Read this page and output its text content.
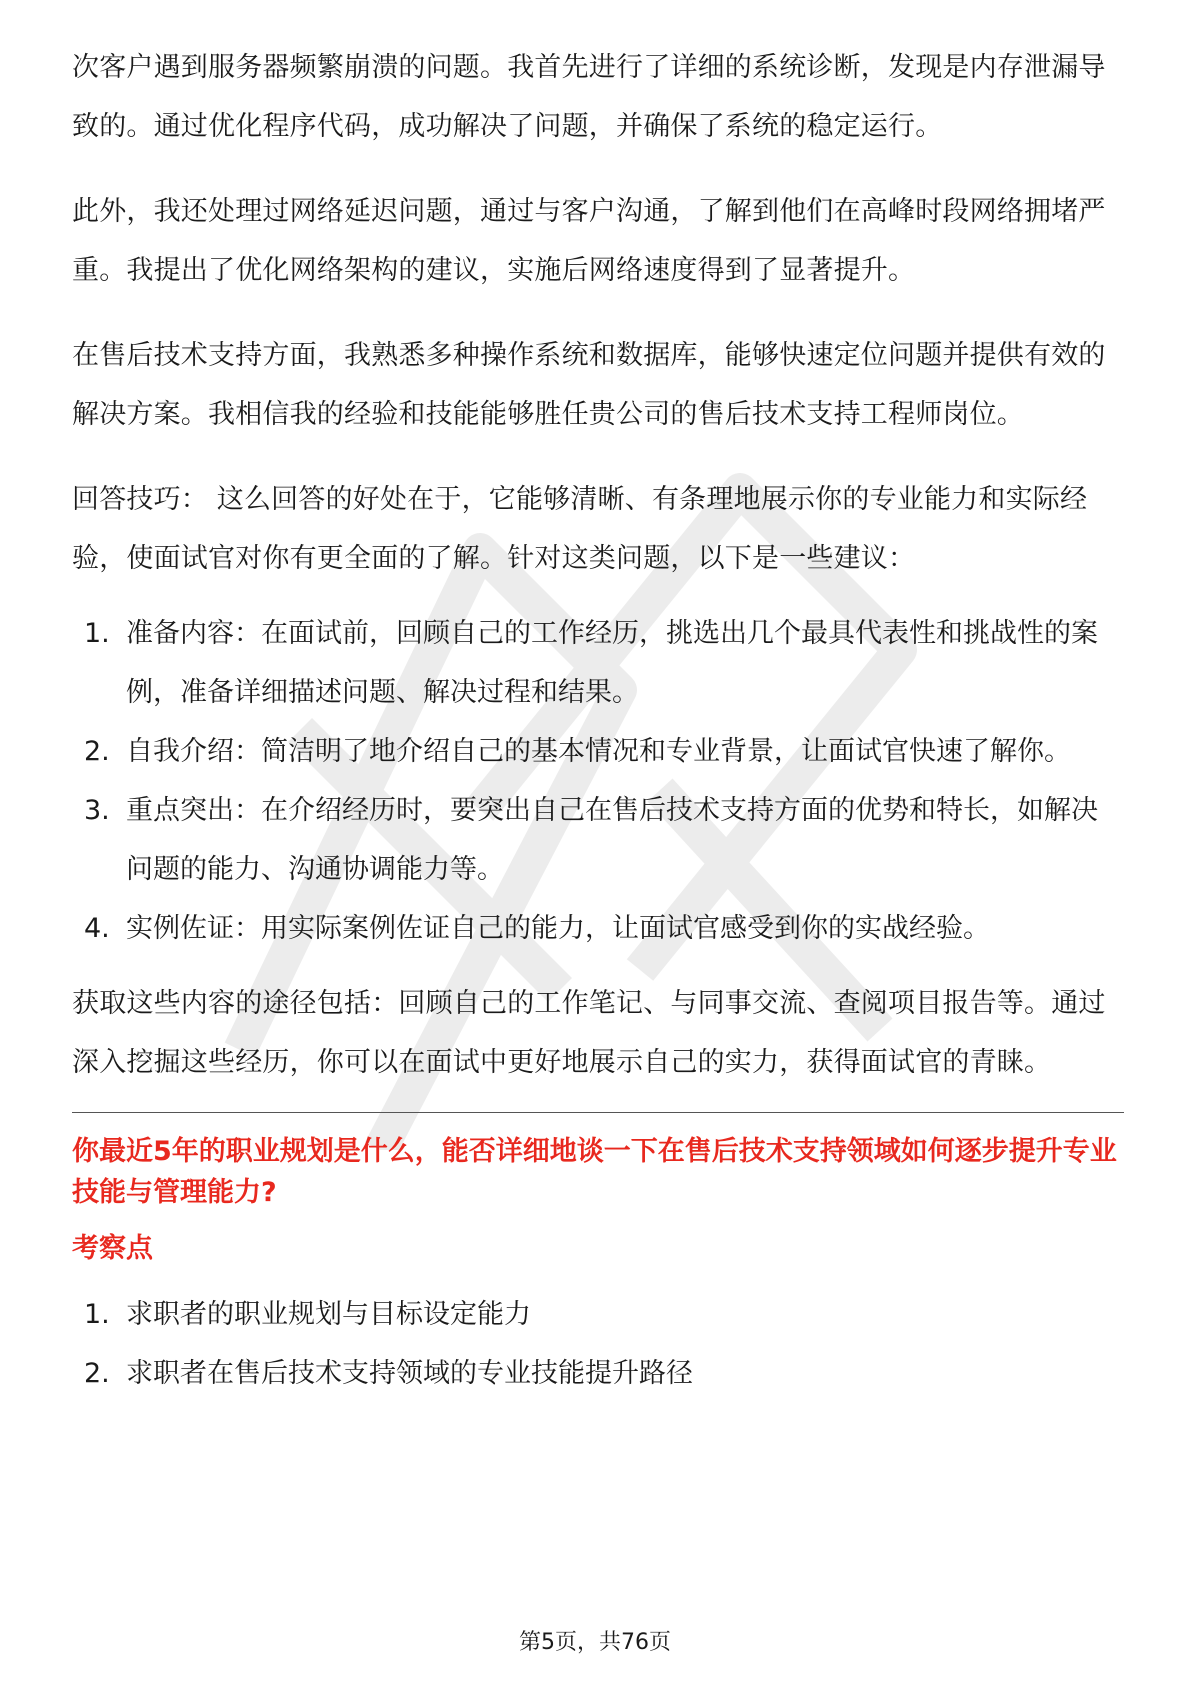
次客户遇到服务器频繁崩溃的问题。我首先进行了详细的系统诊断，发现是内存泄漏导致的。通过优化程序代码，成功解决了问题，并确保了系统的稳定运行。

此外，我还处理过网络延迟问题，通过与客户沟通，了解到他们在高峰时段网络拥堵严重。我提出了优化网络架构的建议，实施后网络速度得到了显著提升。

在售后技术支持方面，我熟悉多种操作系统和数据库，能够快速定位问题并提供有效的解决方案。我相信我的经验和技能能够胜任贵公司的售后技术支持工程师岗位。

回答技巧： 这么回答的好处在于，它能够清晰、有条理地展示你的专业能力和实际经验，使面试官对你有更全面的了解。针对这类问题，以下是一些建议：

1. 准备内容：在面试前，回顾自己的工作经历，挑选出几个最具代表性和挑战性的案例，准备详细描述问题、解决过程和结果。
2. 自我介绍：简洁明了地介绍自己的基本情况和专业背景，让面试官快速了解你。
3. 重点突出：在介绍经历时，要突出自己在售后技术支持方面的优势和特长，如解决问题的能力、沟通协调能力等。
4. 实例佐证：用实际案例佐证自己的能力，让面试官感受到你的实战经验。

获取这些内容的途径包括：回顾自己的工作笔记、与同事交流、查阅项目报告等。通过深入挖掘这些经历，你可以在面试中更好地展示自己的实力，获得面试官的青睐。

你最近5年的职业规划是什么，能否详细地谈一下在售后技术支持领域如何逐步提升专业技能与管理能力?

考察点

1. 求职者的职业规划与目标设定能力
2. 求职者在售后技术支持领域的专业技能提升路径
第5页，共76页
